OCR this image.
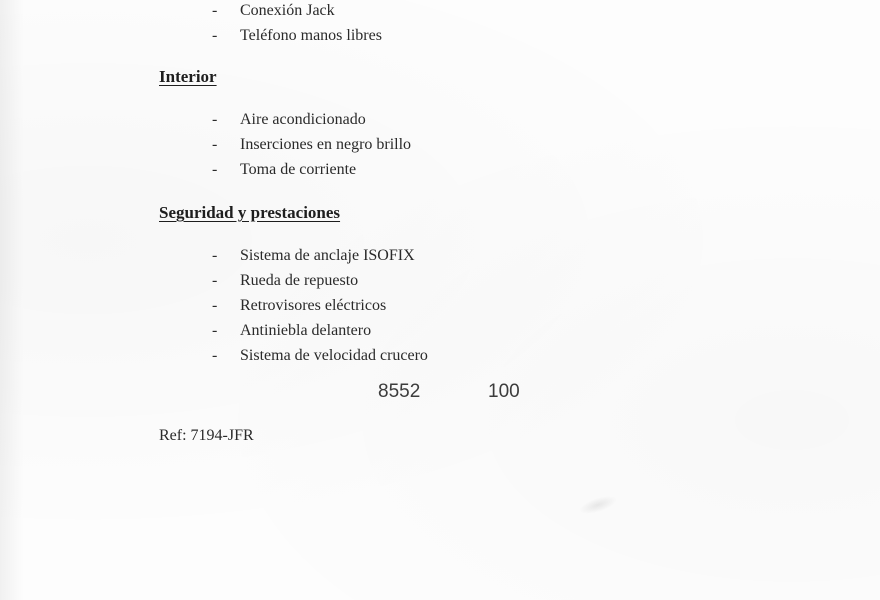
- Conexión Jack
- Teléfono manos libres
Interior
- Aire acondicionado
- Inserciones en negro brillo
- Toma de corriente
Seguridad y prestaciones
- Sistema de anclaje ISOFIX
- Rueda de repuesto
- Retrovisores eléctricos
- Antiniebla delantero
- Sistema de velocidad crucero
8552	100
Ref: 7194-JFR
